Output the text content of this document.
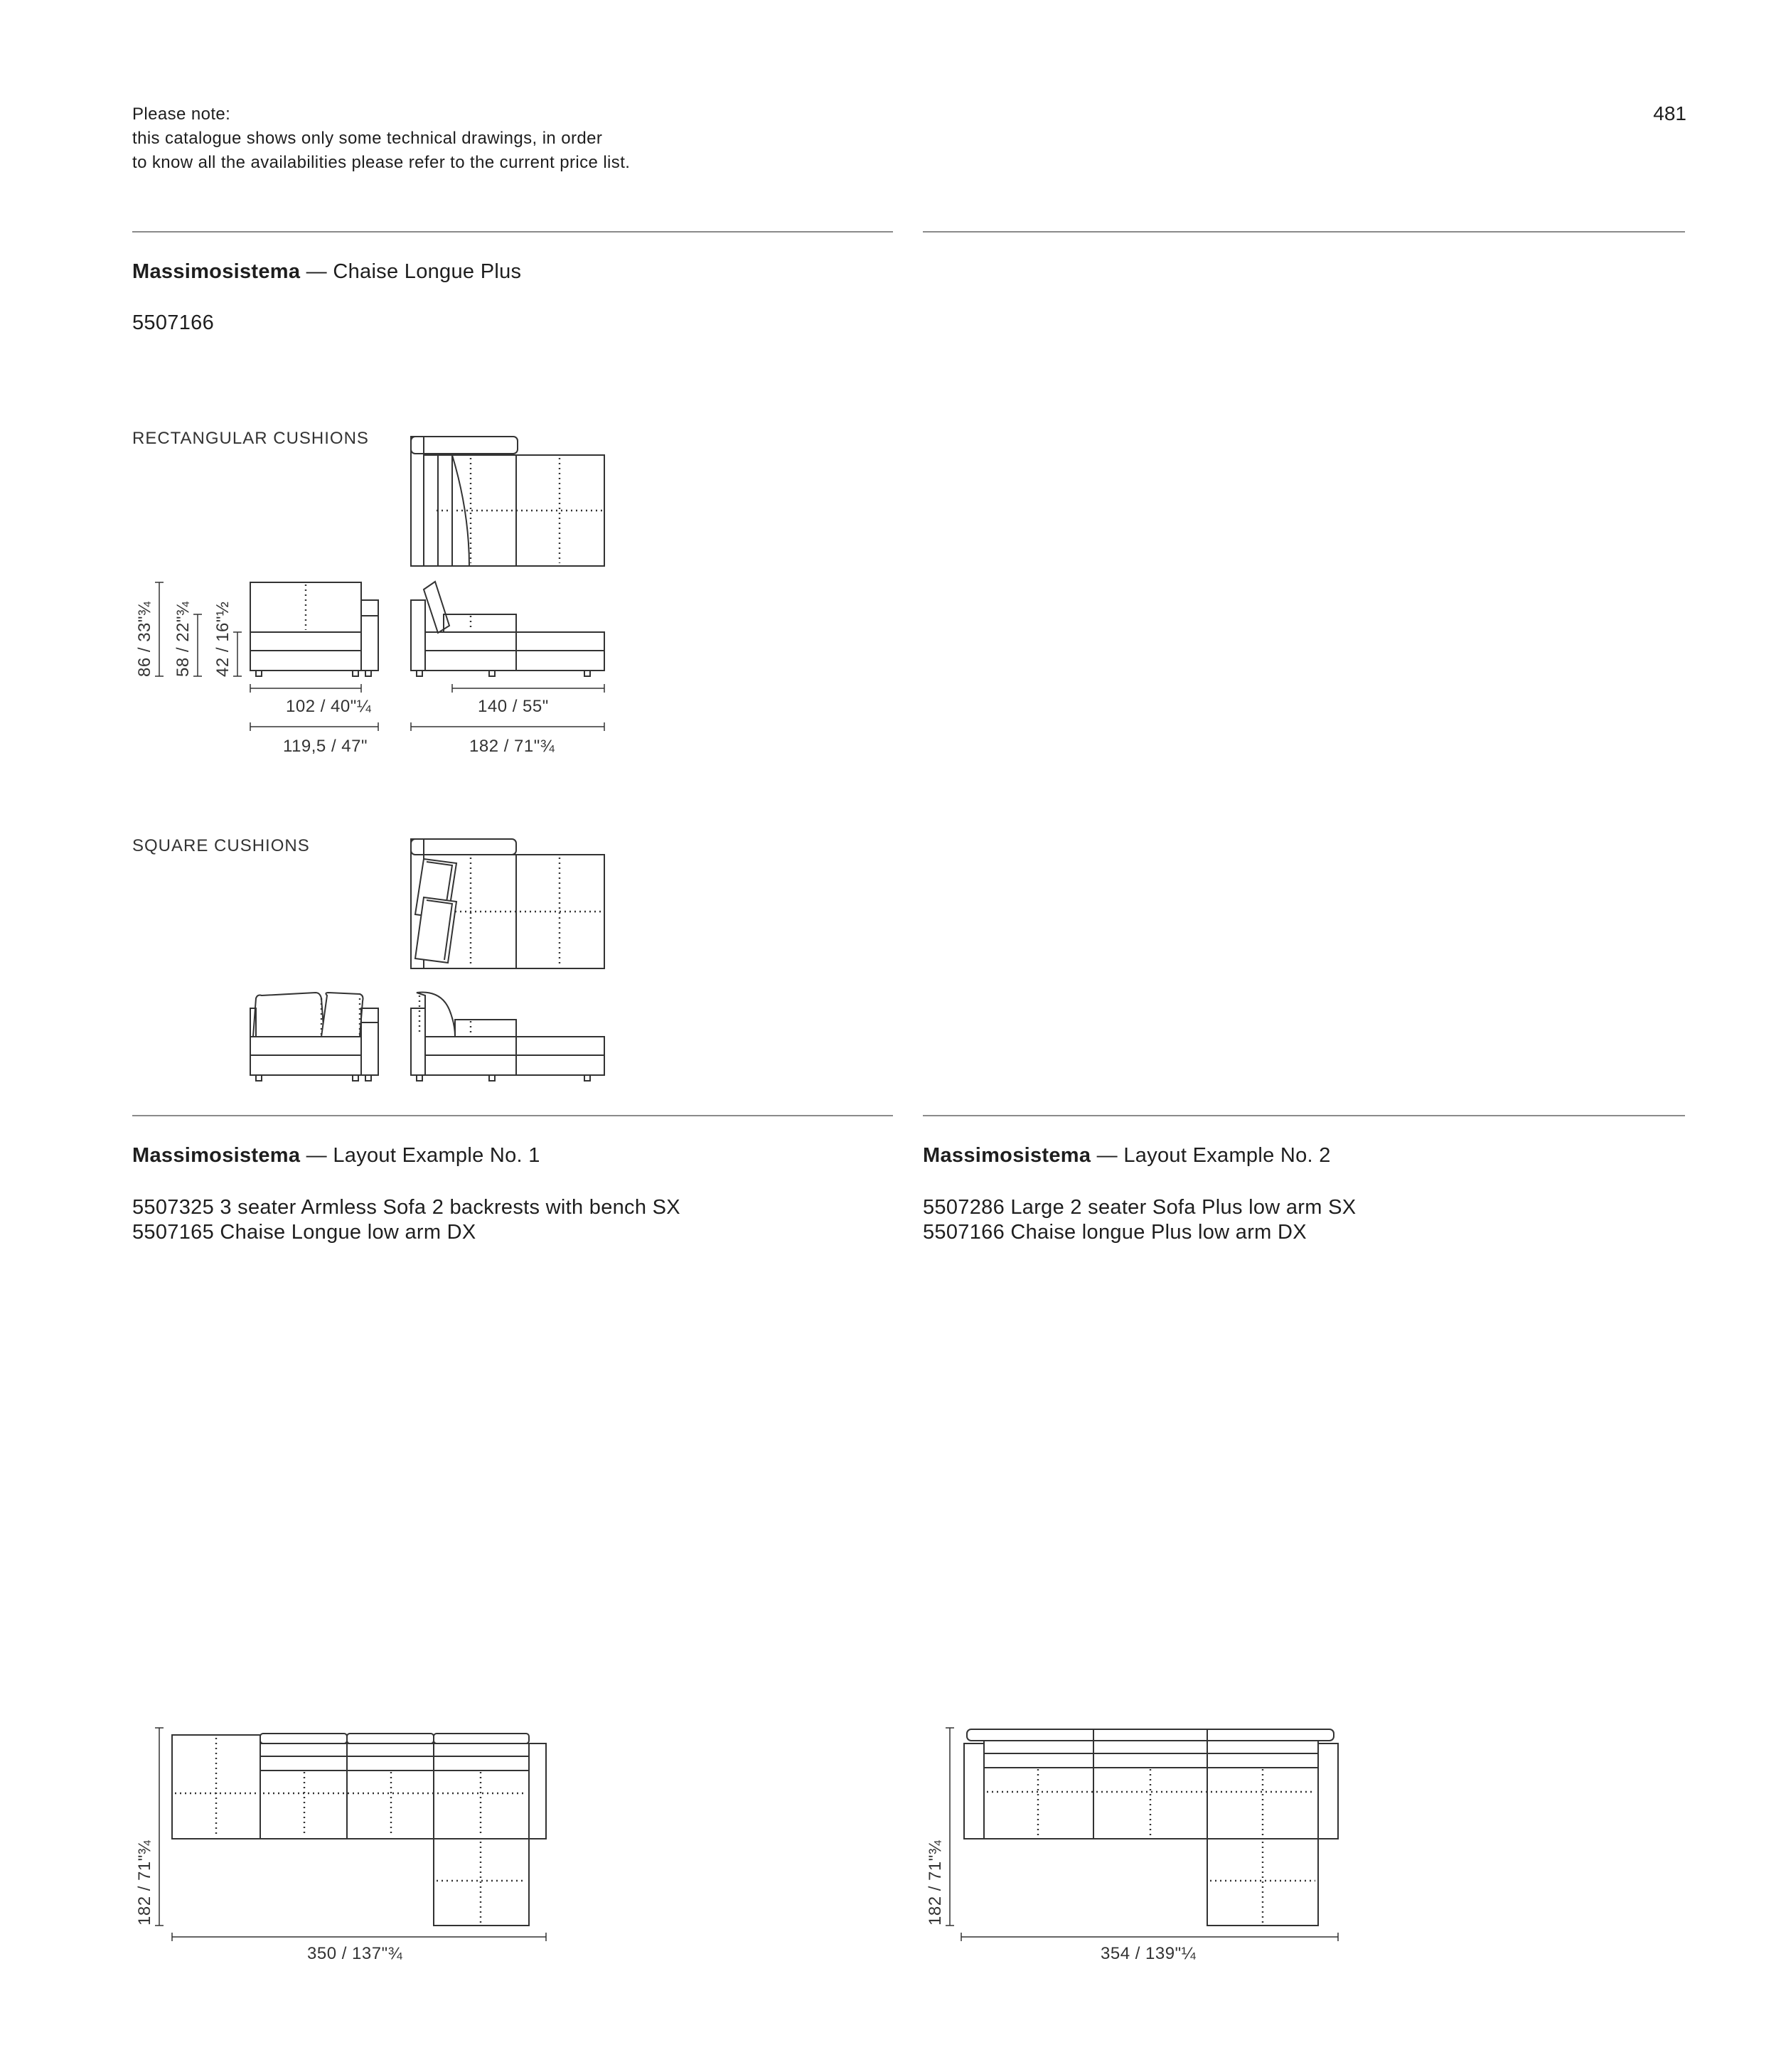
Please note:
this catalogue shows only some technical drawings, in order
to know all the availabilities please refer to the current price list.
481
Massimosistema — Chaise Longue Plus
5507166
RECTANGULAR CUSHIONS
86 / 33"¾ 58 / 22"¾ 42 / 16"½
102 / 40"¼
119,5 / 47"
140 / 55"
182 / 71"¾
SQUARE CUSHIONS
Massimosistema — Layout Example No. 1
5507325 3 seater Armless Sofa 2 backrests with bench SX
5507165 Chaise Longue low arm DX
Massimosistema — Layout Example No. 2
5507286 Large 2 seater Sofa Plus low arm SX
5507166 Chaise longue Plus low arm DX
182 / 71"¾
350 / 137"¾
182 / 71"¾
354 / 139"¼
